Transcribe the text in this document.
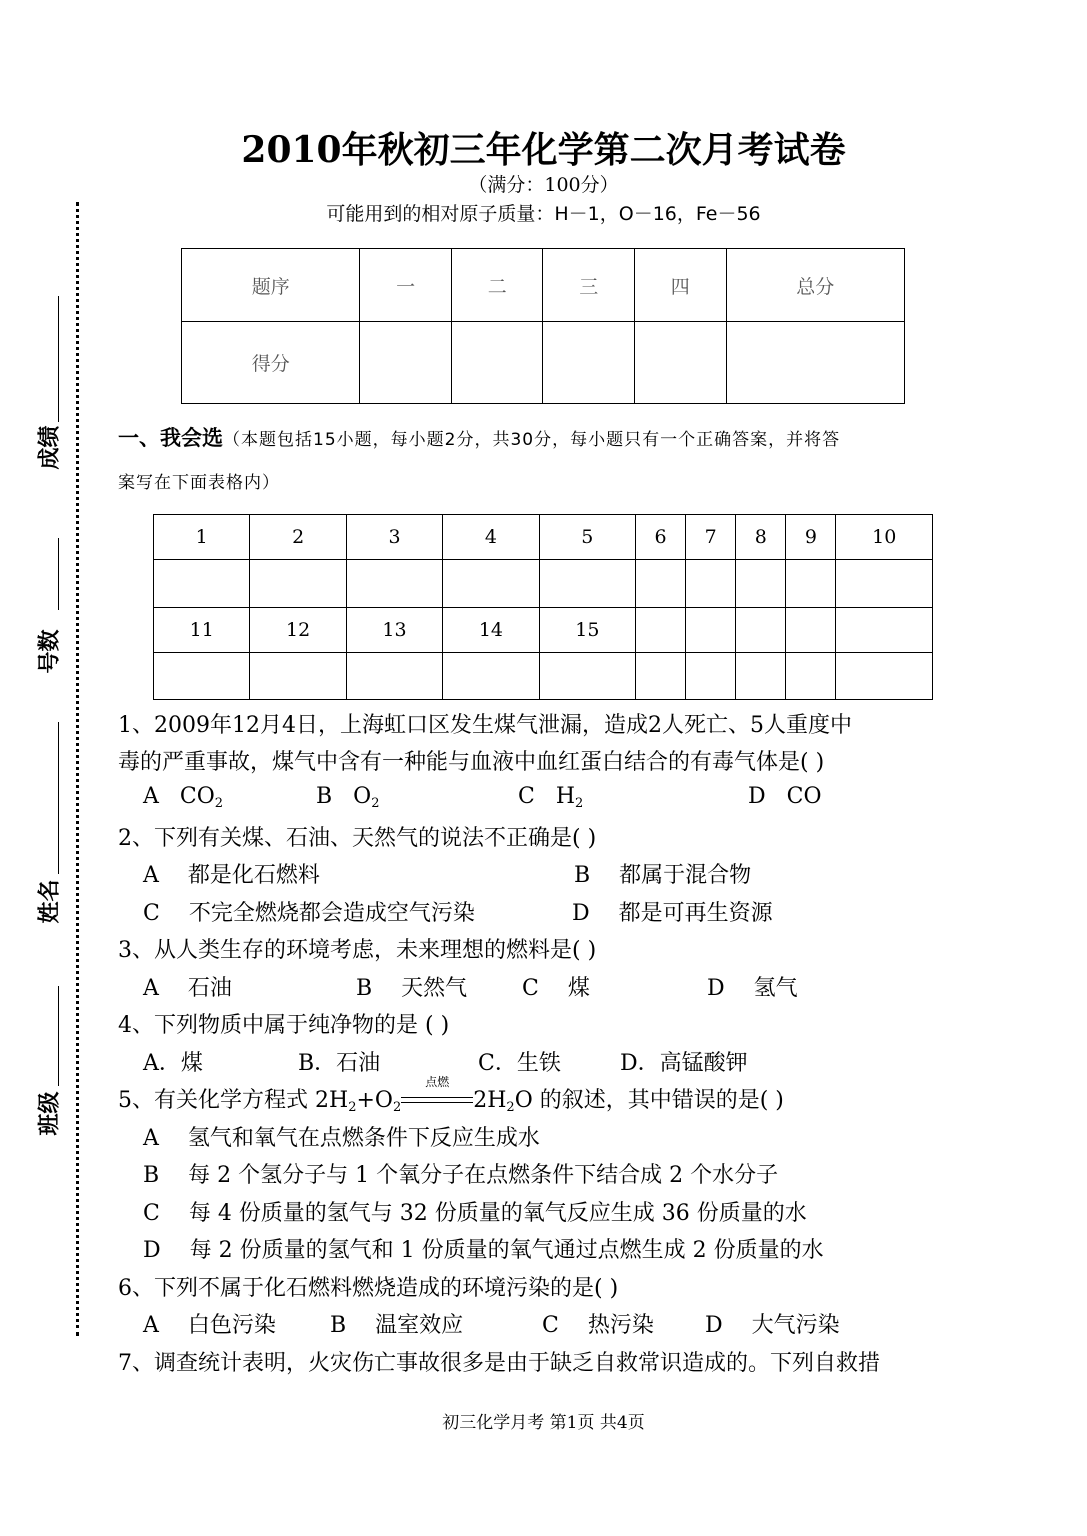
成绩
号数
姓名
班级
2010年秋初三年化学第二次月考试卷
（满分：100分）
可能用到的相对原子质量：H－1，O－16，Fe－56
题序	一	二	三	四	总分
得分					
一、我会选（本题包括15小题，每小题2分，共30分，每小题只有一个正确答案，并将答
案写在下面表格内）
1	2	3	4	5	6	7	8	9	10

11	12	13	14	15					

1、2009年12月4日，上海虹口区发生煤气泄漏，造成2人死亡、5人重度中
毒的严重事故，煤气中含有一种能与血液中血红蛋白结合的有毒气体是( )
A $CO_2$	B $O_2$	C $H_2$	D CO
2、下列有关煤、石油、天然气的说法不正确是( )
A　 都是化石燃料	B　 都属于混合物
C　 不完全燃烧都会造成空气污染	D　 都是可再生资源
3、从人类生存的环境考虑，未来理想的燃料是( )
A　 石油	B　 天然气 C　 煤	D　 氢气
4、下列物质中属于纯净物的是 ( )
A．煤	B．石油	C．生铁	D．高锰酸钾
5、有关化学方程式 $2H_2+O_2$
点燃
$2H_2O$ 的叙述，其中错误的是( )
A　 氢气和氧气在点燃条件下反应生成水
B　 每 2 个氢分子与 1 个氧分子在点燃条件下结合成 2 个水分子
C　 每 4 份质量的氢气与 32 份质量的氧气反应生成 36 份质量的水
D　 每 2 份质量的氢气和 1 份质量的氧气通过点燃生成 2 份质量的水
6、下列不属于化石燃料燃烧造成的环境污染的是( )
A　 白色污染 B　 温室效应	C　 热污染 D　 大气污染
7、调查统计表明，火灾伤亡事故很多是由于缺乏自救常识造成的。下列自救措
初三化学月考 第1页 共4页
